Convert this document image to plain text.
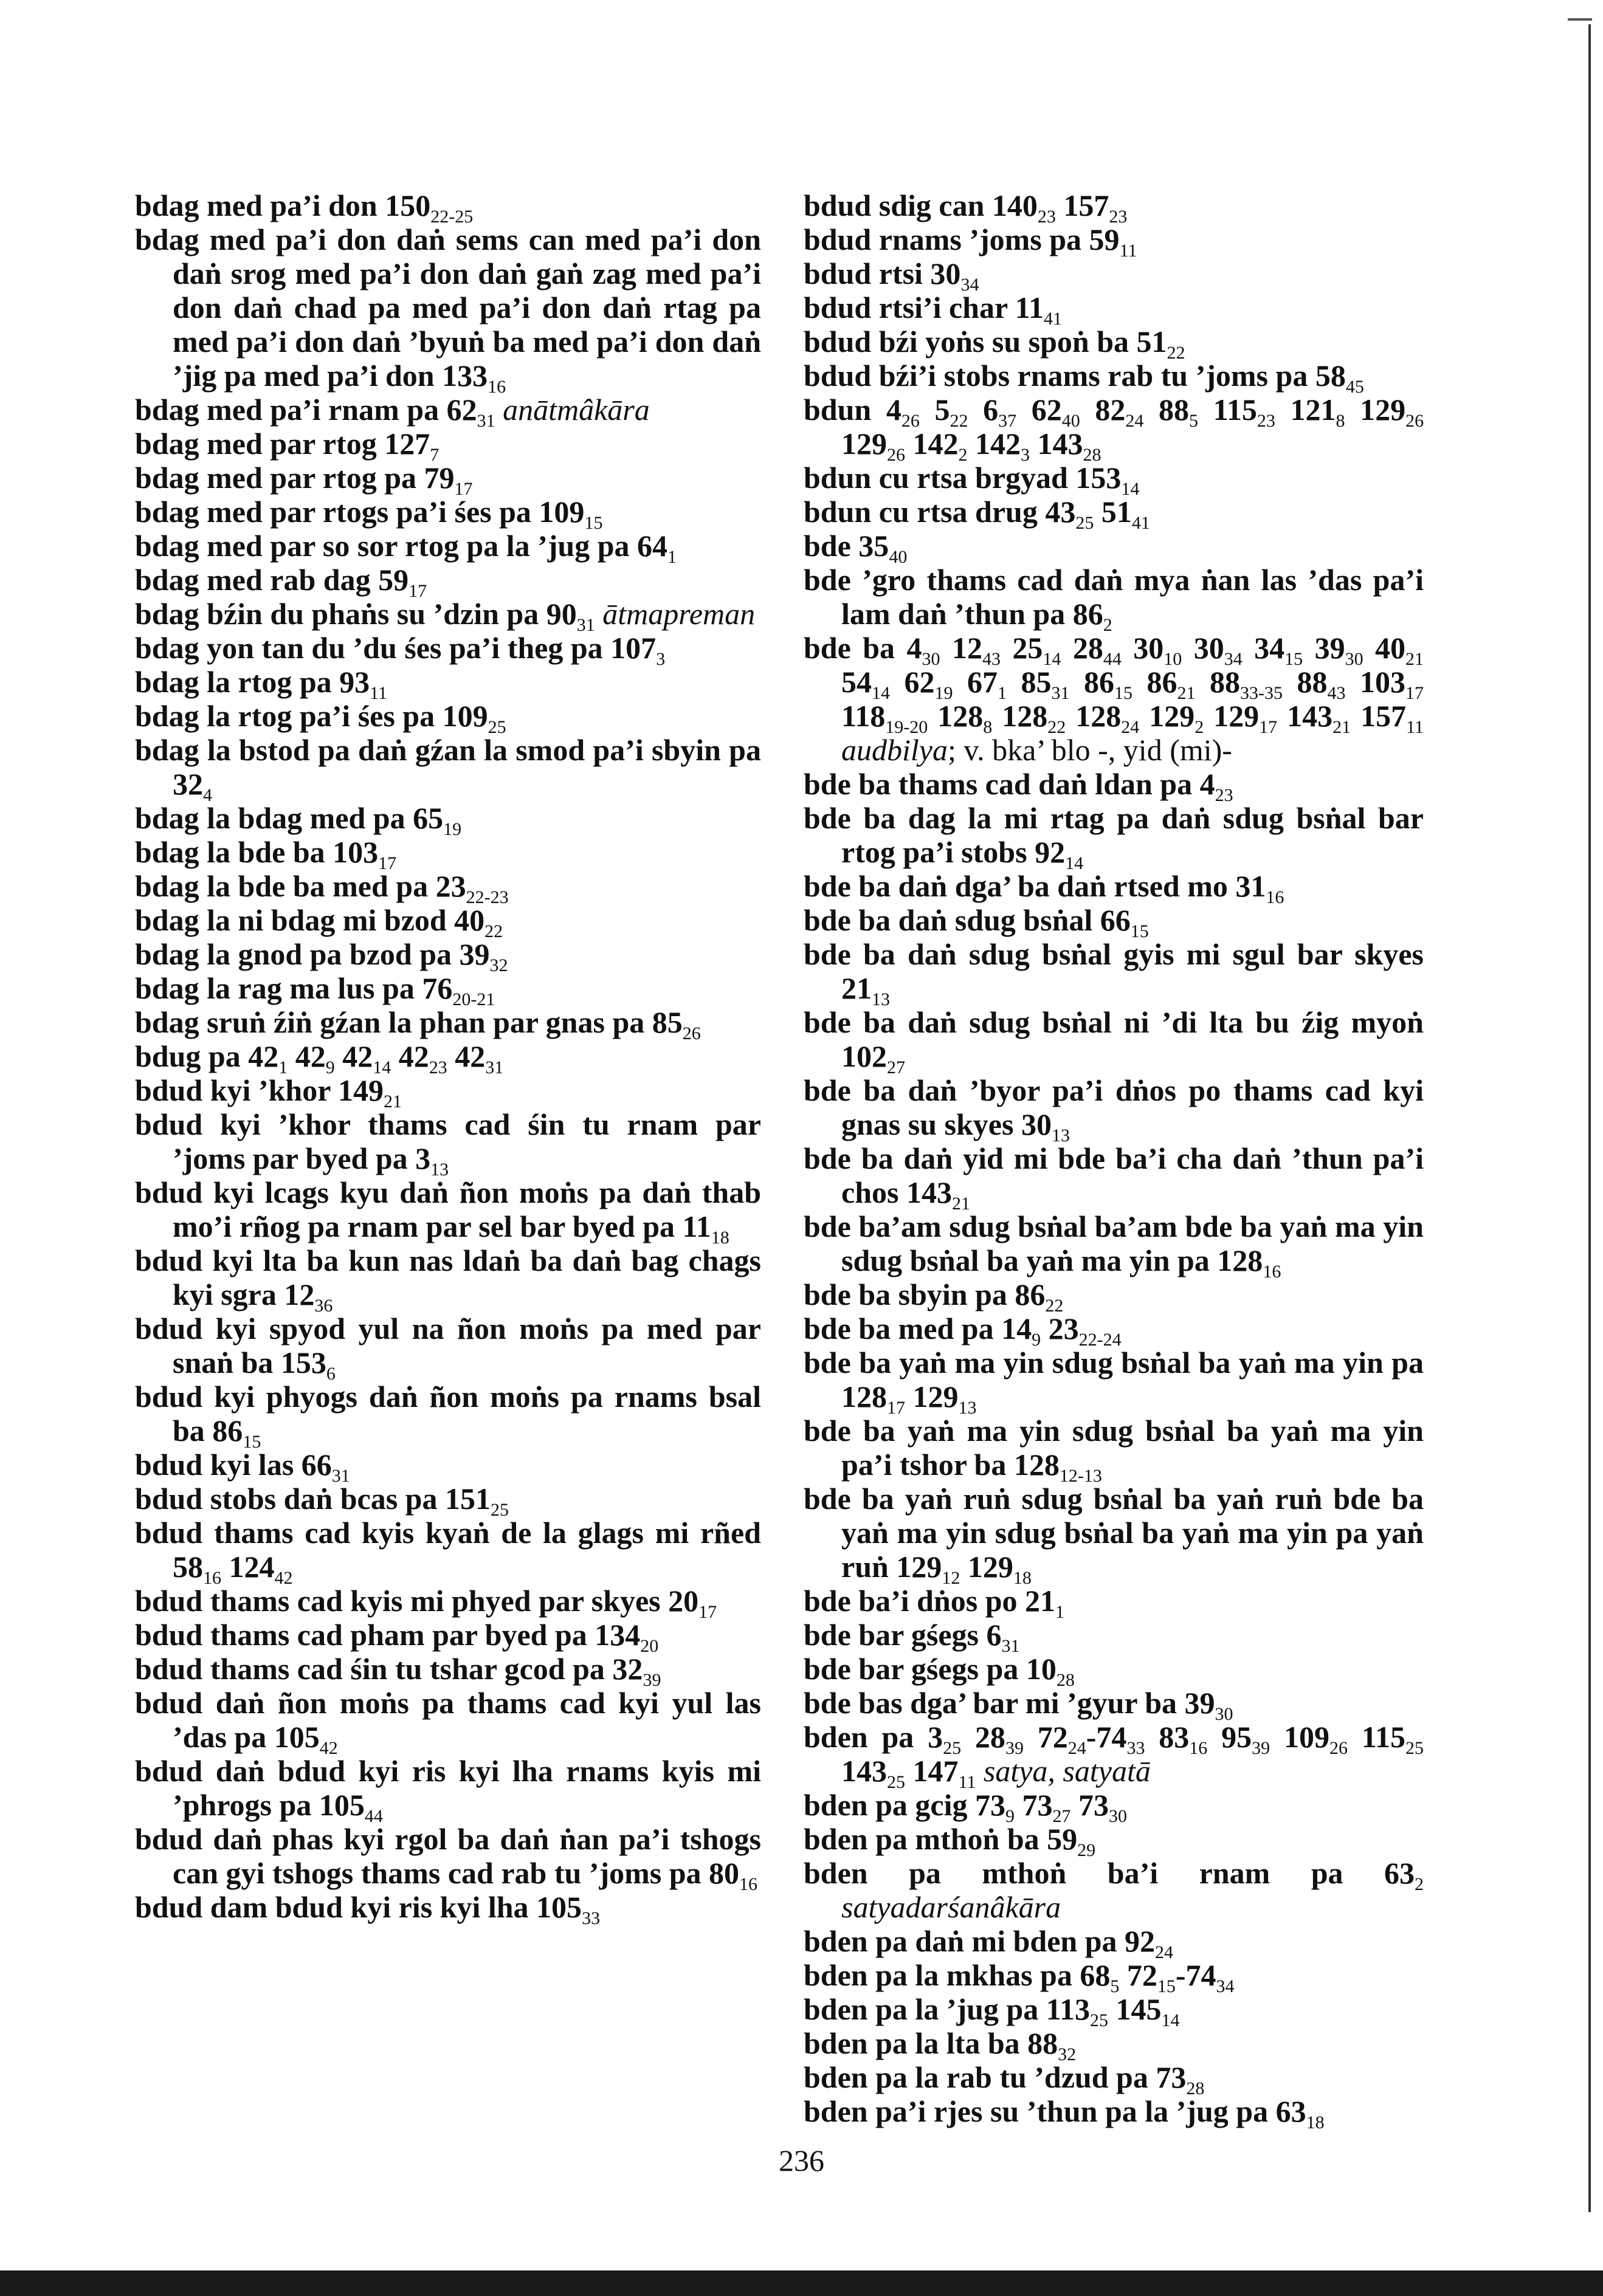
bdag med pa’i don $150_{22-25}$

bdag med pa’i don daṅ sems can med pa’i don daṅ srog med pa’i don daṅ gaṅ zag med pa’i don daṅ chad pa med pa’i don daṅ rtag pa med pa’i don daṅ ’byuṅ ba med pa’i don daṅ ’jig pa med pa’i don $133_{16}$

bdag med pa’i rnam pa $62_{31}$ anātmâkāra

bdag med par rtog $127_7$

bdag med par rtog pa $79_{17}$

bdag med par rtogs pa’i śes pa $109_{15}$

bdag med par so sor rtog pa la ’jug pa $64_1$

bdag med rab dag $59_{17}$

bdag bźin du phaṅs su ’dzin pa $90_{31}$ ātmapreman

bdag yon tan du ’du śes pa’i theg pa $107_3$

bdag la rtog pa $93_{11}$

bdag la rtog pa’i śes pa $109_{25}$

bdag la bstod pa daṅ gźan la smod pa’i sbyin pa $32_4$

bdag la bdag med pa $65_{19}$

bdag la bde ba $103_{17}$

bdag la bde ba med pa $23_{22-23}$

bdag la ni bdag mi bzod $40_{22}$

bdag la gnod pa bzod pa $39_{32}$

bdag la rag ma lus pa $76_{20-21}$

bdag sruṅ źiṅ gźan la phan par gnas pa $85_{26}$

bdug pa $42_1$ $42_9$ $42_{14}$ $42_{23}$ $42_{31}$

bdud kyi ’khor $149_{21}$

bdud kyi ’khor thams cad śin tu rnam par ’joms par byed pa $3_{13}$

bdud kyi lcags kyu daṅ ñon moṅs pa daṅ thab mo’i rñog pa rnam par sel bar byed pa $11_{18}$

bdud kyi lta ba kun nas ldaṅ ba daṅ bag chags kyi sgra $12_{36}$

bdud kyi spyod yul na ñon moṅs pa med par snaṅ ba $153_6$

bdud kyi phyogs daṅ ñon moṅs pa rnams bsal ba $86_{15}$

bdud kyi las $66_{31}$

bdud stobs daṅ bcas pa $151_{25}$

bdud thams cad kyis kyaṅ de la glags mi rñed $58_{16}$ $124_{42}$

bdud thams cad kyis mi phyed par skyes $20_{17}$

bdud thams cad pham par byed pa $134_{20}$

bdud thams cad śin tu tshar gcod pa $32_{39}$

bdud daṅ ñon moṅs pa thams cad kyi yul las ’das pa $105_{42}$

bdud daṅ bdud kyi ris kyi lha rnams kyis mi ’phrogs pa $105_{44}$

bdud daṅ phas kyi rgol ba daṅ ṅan pa’i tshogs can gyi tshogs thams cad rab tu ’joms pa $80_{16}$

bdud dam bdud kyi ris kyi lha $105_{33}$

bdud sdig can $140_{23}$ $157_{23}$

bdud rnams ’joms pa $59_{11}$

bdud rtsi $30_{34}$

bdud rtsi’i char $11_{41}$

bdud bźi yoṅs su spoṅ ba $51_{22}$

bdud bźi’i stobs rnams rab tu ’joms pa $58_{45}$

bdun $4_{26}$ $5_{22}$ $6_{37}$ $62_{40}$ $82_{24}$ $88_5$ $115_{23}$ $121_8$ $129_{26}$ $129_{26}$ $142_2$ $142_3$ $143_{28}$

bdun cu rtsa brgyad $153_{14}$

bdun cu rtsa drug $43_{25}$ $51_{41}$

bde $35_{40}$

bde ’gro thams cad daṅ mya ṅan las ’das pa’i lam daṅ ’thun pa $86_2$

bde ba $4_{30}$ $12_{43}$ $25_{14}$ $28_{44}$ $30_{10}$ $30_{34}$ $34_{15}$ $39_{30}$ $40_{21}$ $54_{14}$ $62_{19}$ $67_1$ $85_{31}$ $86_{15}$ $86_{21}$ $88_{33-35}$ $88_{43}$ $103_{17}$ $118_{19-20}$ $128_8$ $128_{22}$ $128_{24}$ $129_2$ $129_{17}$ $143_{21}$ $157_{11}$ audbilya; v. bka’ blo -, yid (mi)-

bde ba thams cad daṅ ldan pa $4_{23}$

bde ba dag la mi rtag pa daṅ sdug bsṅal bar rtog pa’i stobs $92_{14}$

bde ba daṅ dga’ ba daṅ rtsed mo $31_{16}$

bde ba daṅ sdug bsṅal $66_{15}$

bde ba daṅ sdug bsṅal gyis mi sgul bar skyes $21_{13}$

bde ba daṅ sdug bsṅal ni ’di lta bu źig myoṅ $102_{27}$

bde ba daṅ ’byor pa’i dṅos po thams cad kyi gnas su skyes $30_{13}$

bde ba daṅ yid mi bde ba’i cha daṅ ’thun pa’i chos $143_{21}$

bde ba’am sdug bsṅal ba’am bde ba yaṅ ma yin sdug bsṅal ba yaṅ ma yin pa $128_{16}$

bde ba sbyin pa $86_{22}$

bde ba med pa $14_9$ $23_{22-24}$

bde ba yaṅ ma yin sdug bsṅal ba yaṅ ma yin pa $128_{17}$ $129_{13}$

bde ba yaṅ ma yin sdug bsṅal ba yaṅ ma yin pa’i tshor ba $128_{12-13}$

bde ba yaṅ ruṅ sdug bsṅal ba yaṅ ruṅ bde ba yaṅ ma yin sdug bsṅal ba yaṅ ma yin pa yaṅ ruṅ $129_{12}$ $129_{18}$

bde ba’i dṅos po $21_1$

bde bar gśegs $6_{31}$

bde bar gśegs pa $10_{28}$

bde bas dga’ bar mi ’gyur ba $39_{30}$

bden pa $3_{25}$ $28_{39}$ $72_{24}-74_{33}$ $83_{16}$ $95_{39}$ $109_{26}$ $115_{25}$ $143_{25}$ $147_{11}$ satya, satyatā

bden pa gcig $73_9$ $73_{27}$ $73_{30}$

bden pa mthoṅ ba $59_{29}$

bden pa mthoṅ ba’i rnam pa $63_2$ satyadarśanâkāra

bden pa daṅ mi bden pa $92_{24}$

bden pa la mkhas pa $68_5$ $72_{15}-74_{34}$

bden pa la ’jug pa $113_{25}$ $145_{14}$

bden pa la lta ba $88_{32}$

bden pa la rab tu ’dzud pa $73_{28}$

bden pa’i rjes su ’thun pa la ’jug pa $63_{18}$

236
